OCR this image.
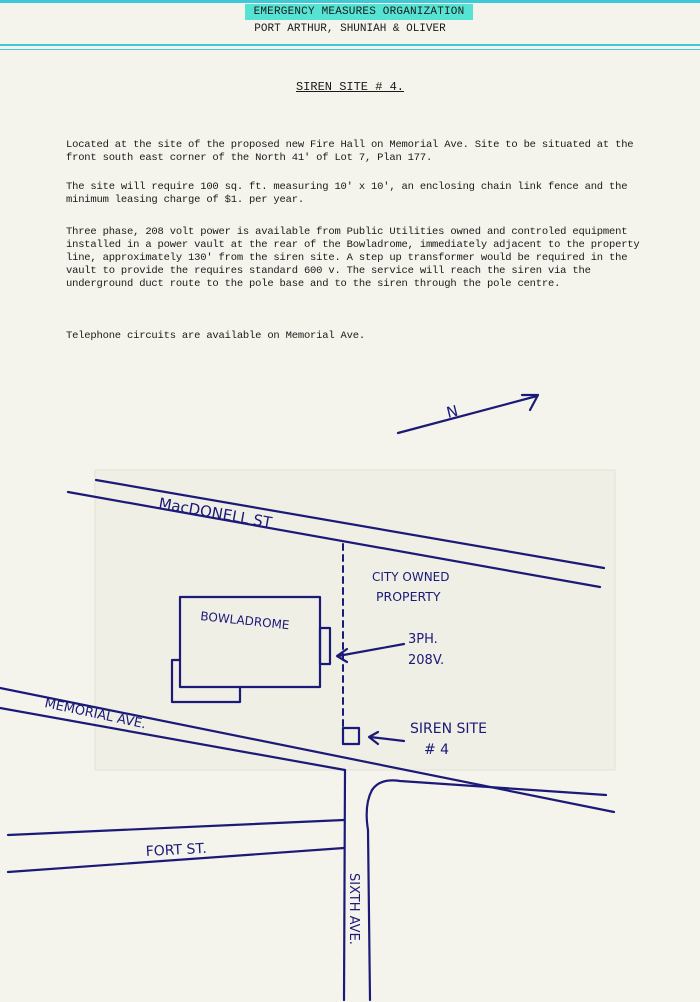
EMERGENCY MEASURES ORGANIZATION
PORT ARTHUR, SHUNIAH & OLIVER
SIREN SITE # 4.
Located at the site of the proposed new Fire Hall on Memorial Ave. Site to be situated at the front south east corner of the North 41' of Lot 7, Plan 177.
The site will require 100 sq. ft. measuring 10' x 10', an enclosing chain link fence and the minimum leasing charge of $1. per year.
Three phase, 208 volt power is available from Public Utilities owned and controled equipment installed in a power vault at the rear of the Bowladrome, immediately adjacent to the property line, approximately 130' from the siren site. A step up transformer would be required in the vault to provide the requires standard 600 v. The service will reach the siren via the underground duct route to the pole base and to the siren through the pole centre.
Telephone circuits are available on Memorial Ave.
N
MacDONELL ST
CITY OWNED
PROPERTY
BOWLADROME
3PH.
208V.
MEMORIAL AVE.	SIREN SITE
# 4
FORT ST.
SIXTH AVE.
